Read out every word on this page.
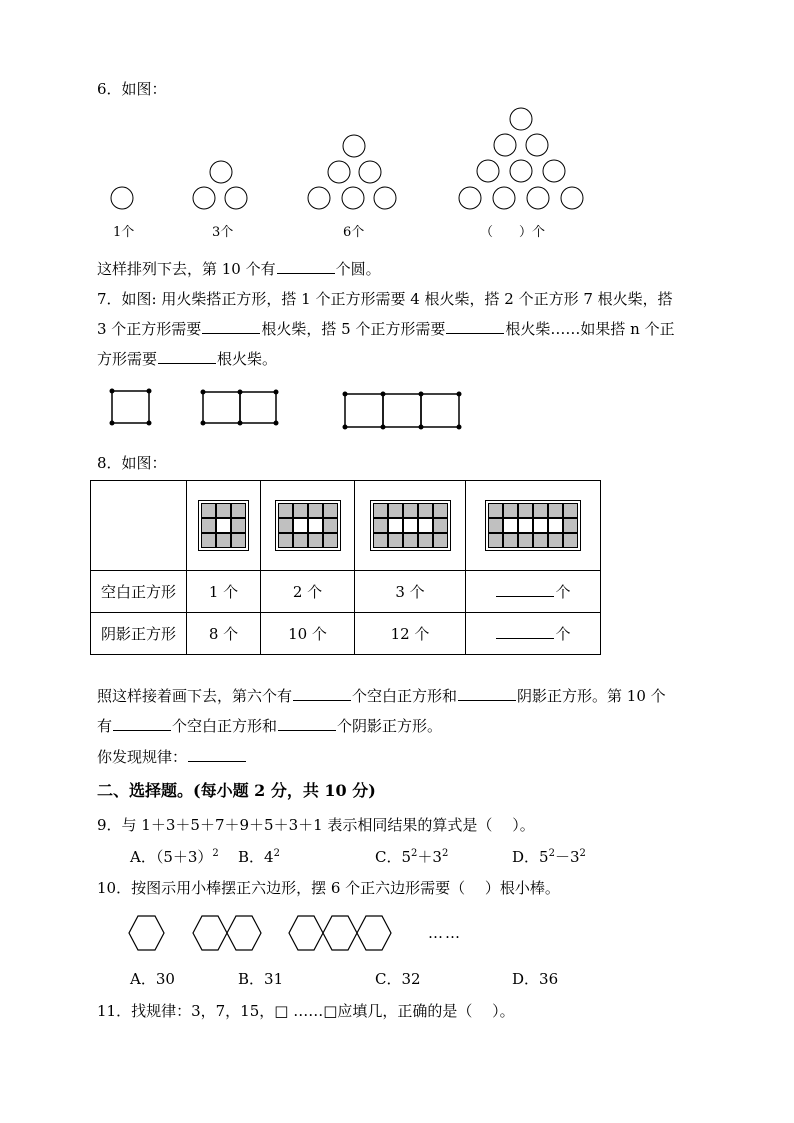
6．如图：
1个	3个	6个	（　　）个
这样排列下去，第 10 个有	个圆。
7．如图: 用火柴搭正方形，搭 1 个正方形需要 4 根火柴，搭 2 个正方形 7 根火柴，搭
3 个正方形需要	根火柴，搭 5 个正方形需要	根火柴……如果搭 n 个正
方形需要	根火柴。
8．如图：

空白正方形	1 个	2 个	3 个	个
阴影正方形	8 个	10 个	12 个	个
照这样接着画下去，第六个有	个空白正方形和	阴影正方形。第 10 个
有	个空白正方形和	个阴影正方形。
你发现规律：
二、选择题。(每小题 2 分，共 10 分)
9．与 1＋3＋5＋7＋9＋5＋3＋1 表示相同结果的算式是（　 ）。
A．$(5+3)^2$ B．$4^2$	C．$5^2+3^2$	D．$5^2-3^2$
10．按图示用小棒摆正六边形，摆 6 个正六边形需要（　 ）根小棒。
……
A．30	B．31	C．32	D．36
11．找规律：3，7，15，□ ……□应填几，正确的是（　 ）。
